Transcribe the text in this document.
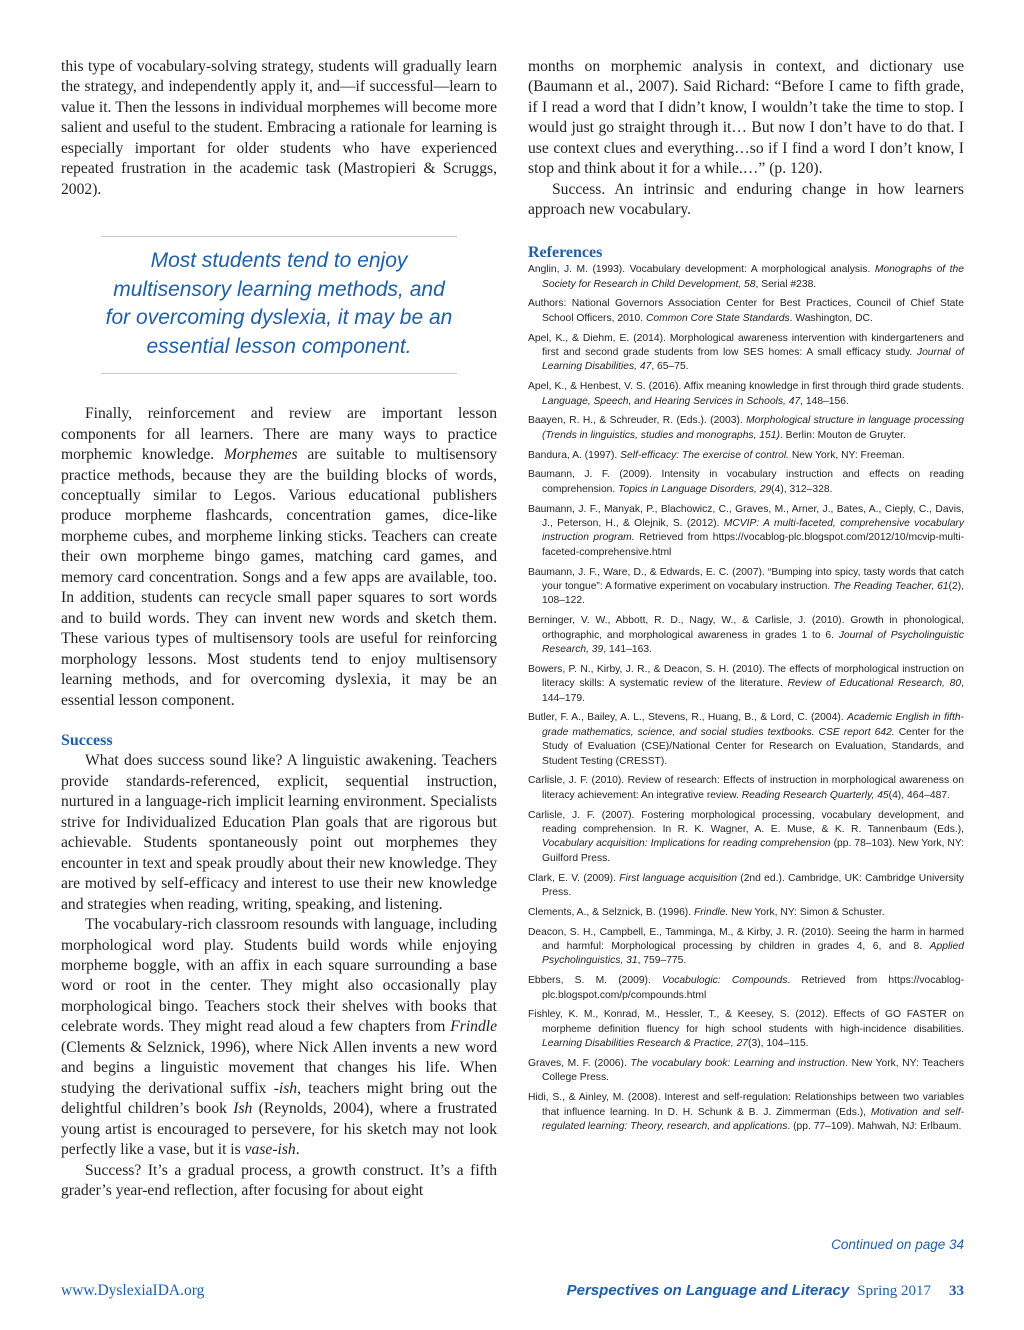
this type of vocabulary-solving strategy, students will gradually learn the strategy, and independently apply it, and—if successful—learn to value it. Then the lessons in individual morphemes will become more salient and useful to the student. Embracing a rationale for learning is especially important for older students who have experienced repeated frustration in the academic task (Mastropieri & Scruggs, 2002).

Most students tend to enjoy multisensory learning methods, and for overcoming dyslexia, it may be an essential lesson component.

Finally, reinforcement and review are important lesson components for all learners. There are many ways to practice morphemic knowledge. Morphemes are suitable to multisensory practice methods, because they are the building blocks of words, conceptually similar to Legos. Various educational publishers produce morpheme flashcards, concentration games, dice-like morpheme cubes, and morpheme linking sticks. Teachers can create their own morpheme bingo games, matching card games, and memory card concentration. Songs and a few apps are available, too. In addition, students can recycle small paper squares to sort words and to build words. They can invent new words and sketch them. These various types of multisensory tools are useful for reinforcing morphology lessons. Most students tend to enjoy multisensory learning methods, and for overcoming dyslexia, it may be an essential lesson component.

Success

What does success sound like? A linguistic awakening. Teachers provide standards-referenced, explicit, sequential instruction, nurtured in a language-rich implicit learning environment. Specialists strive for Individualized Education Plan goals that are rigorous but achievable. Students spontaneously point out morphemes they encounter in text and speak proudly about their new knowledge. They are motived by self-efficacy and interest to use their new knowledge and strategies when reading, writing, speaking, and listening.

The vocabulary-rich classroom resounds with language, including morphological word play. Students build words while enjoying morpheme boggle, with an affix in each square surrounding a base word or root in the center. They might also occasionally play morphological bingo. Teachers stock their shelves with books that celebrate words. They might read aloud a few chapters from Frindle (Clements & Selznick, 1996), where Nick Allen invents a new word and begins a linguistic movement that changes his life. When studying the derivational suffix -ish, teachers might bring out the delightful children’s book Ish (Reynolds, 2004), where a frustrated young artist is encouraged to persevere, for his sketch may not look perfectly like a vase, but it is vase-ish.

Success? It’s a gradual process, a growth construct. It’s a fifth grader’s year-end reflection, after focusing for about eight

months on morphemic analysis in context, and dictionary use (Baumann et al., 2007). Said Richard: “Before I came to fifth grade, if I read a word that I didn’t know, I wouldn’t take the time to stop. I would just go straight through it… But now I don’t have to do that. I use context clues and everything…so if I find a word I don’t know, I stop and think about it for a while.…” (p. 120).

Success. An intrinsic and enduring change in how learners approach new vocabulary.

References

Anglin, J. M. (1993). Vocabulary development: A morphological analysis. Monographs of the Society for Research in Child Development, 58, Serial #238.

Authors: National Governors Association Center for Best Practices, Council of Chief State School Officers, 2010. Common Core State Standards. Washington, DC.

Apel, K., & Diehm, E. (2014). Morphological awareness intervention with kindergarteners and first and second grade students from low SES homes: A small efficacy study. Journal of Learning Disabilities, 47, 65–75.

Apel, K., & Henbest, V. S. (2016). Affix meaning knowledge in first through third grade students. Language, Speech, and Hearing Services in Schools, 47, 148–156.

Baayen, R. H., & Schreuder, R. (Eds.). (2003). Morphological structure in language processing (Trends in linguistics, studies and monographs, 151). Berlin: Mouton de Gruyter.

Bandura, A. (1997). Self-efficacy: The exercise of control. New York, NY: Freeman.

Baumann, J. F. (2009). Intensity in vocabulary instruction and effects on reading comprehension. Topics in Language Disorders, 29(4), 312–328.

Baumann, J. F., Manyak, P., Blachowicz, C., Graves, M., Arner, J., Bates, A., Cieply, C., Davis, J., Peterson, H., & Olejnik, S. (2012). MCVIP: A multi-faceted, comprehensive vocabulary instruction program. Retrieved from https://vocablog-plc.blogspot.com/2012/10/mcvip-multi-faceted-comprehensive.html

Baumann, J. F., Ware, D., & Edwards, E. C. (2007). “Bumping into spicy, tasty words that catch your tongue”: A formative experiment on vocabulary instruction. The Reading Teacher, 61(2), 108–122.

Berninger, V. W., Abbott, R. D., Nagy, W., & Carlisle, J. (2010). Growth in phonological, orthographic, and morphological awareness in grades 1 to 6. Journal of Psycholinguistic Research, 39, 141–163.

Bowers, P. N., Kirby, J. R., & Deacon, S. H. (2010). The effects of morphological instruction on literacy skills: A systematic review of the literature. Review of Educational Research, 80, 144–179.

Butler, F. A., Bailey, A. L., Stevens, R., Huang, B., & Lord, C. (2004). Academic English in fifth-grade mathematics, science, and social studies textbooks. CSE report 642. Center for the Study of Evaluation (CSE)/National Center for Research on Evaluation, Standards, and Student Testing (CRESST).

Carlisle, J. F. (2010). Review of research: Effects of instruction in morphological awareness on literacy achievement: An integrative review. Reading Research Quarterly, 45(4), 464–487.

Carlisle, J. F. (2007). Fostering morphological processing, vocabulary development, and reading comprehension. In R. K. Wagner, A. E. Muse, & K. R. Tannenbaum (Eds.), Vocabulary acquisition: Implications for reading comprehension (pp. 78–103). New York, NY: Guilford Press.

Clark, E. V. (2009). First language acquisition (2nd ed.). Cambridge, UK: Cambridge University Press.

Clements, A., & Selznick, B. (1996). Frindle. New York, NY: Simon & Schuster.

Deacon, S. H., Campbell, E., Tamminga, M., & Kirby, J. R. (2010). Seeing the harm in harmed and harmful: Morphological processing by children in grades 4, 6, and 8. Applied Psycholinguistics, 31, 759–775.

Ebbers, S. M. (2009). Vocabulogic: Compounds. Retrieved from https://vocablog-plc.blogspot.com/p/compounds.html

Fishley, K. M., Konrad, M., Hessler, T., & Keesey, S. (2012). Effects of GO FASTER on morpheme definition fluency for high school students with high-incidence disabilities. Learning Disabilities Research & Practice, 27(3), 104–115.

Graves, M. F. (2006). The vocabulary book: Learning and instruction. New York, NY: Teachers College Press.

Hidi, S., & Ainley, M. (2008). Interest and self-regulation: Relationships between two variables that influence learning. In D. H. Schunk & B. J. Zimmerman (Eds.), Motivation and self-regulated learning: Theory, research, and applications. (pp. 77–109). Mahwah, NJ: Erlbaum.

Continued on page 34
www.DyslexiaIDA.org	Perspectives on Language and Literacy Spring 2017 33
